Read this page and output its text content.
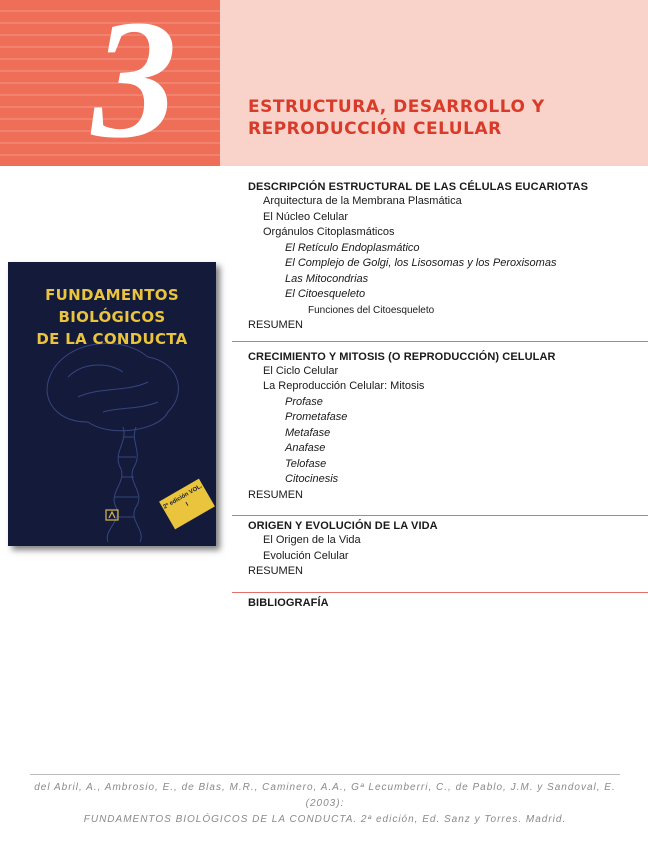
3	ESTRUCTURA, DESARROLLO Y
REPRODUCCIÓN CELULAR
FUNDAMENTOS BIOLÓGICOS
DE LA CONDUCTA
2ª edición VOL. I
DESCRIPCIÓN ESTRUCTURAL DE LAS CÉLULAS EUCARIOTAS
Arquitectura de la Membrana Plasmática
El Núcleo Celular
Orgánulos Citoplasmáticos
El Retículo Endoplasmático
El Complejo de Golgi, los Lisosomas y los Peroxisomas
Las Mitocondrias
El Citoesqueleto
Funciones del Citoesqueleto
RESUMEN
CRECIMIENTO Y MITOSIS (O REPRODUCCIÓN) CELULAR
El Ciclo Celular
La Reproducción Celular: Mitosis
Profase
Prometafase
Metafase
Anafase
Telofase
Citocinesis
RESUMEN
ORIGEN Y EVOLUCIÓN DE LA VIDA
El Origen de la Vida
Evolución Celular
RESUMEN
BIBLIOGRAFÍA
del Abril, A., Ambrosio, E., de Blas, M.R., Caminero, A.A., Gª Lecumberri, C., de Pablo, J.M. y Sandoval, E. (2003):
FUNDAMENTOS BIOLÓGICOS DE LA CONDUCTA. 2ª edición, Ed. Sanz y Torres. Madrid.
